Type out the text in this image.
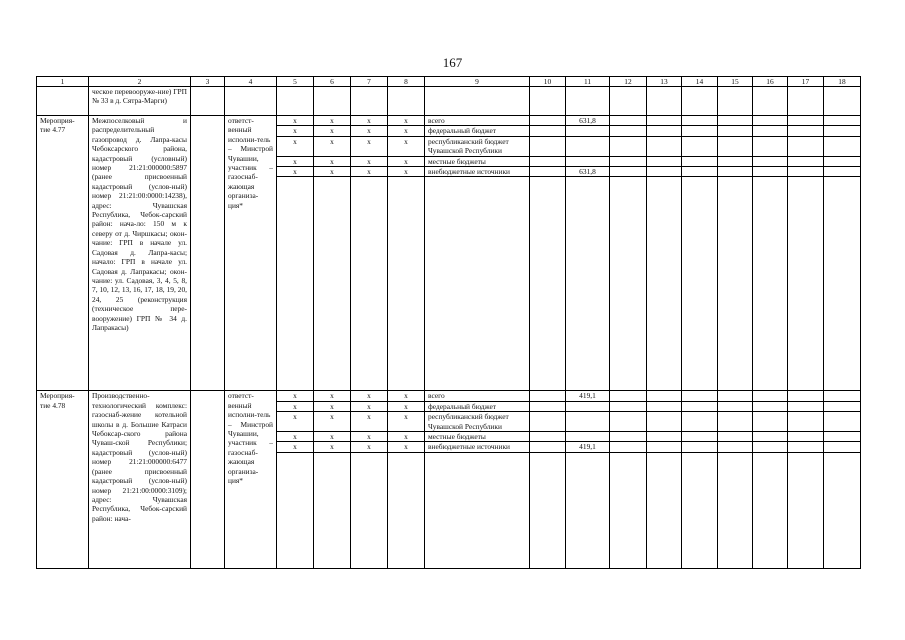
167
1	2	3	4	5	6	7	8	9	10	11	12	13	14	15	16	17	18
	ческое перевооруже-ние) ГРП № 33 в д. Сятра-Марги)																
Мероприя-тие 4.77	Межпоселковый и распределительный газопровод д. Лапра-касы Чебоксарского района, кадастровый (условный) номер 21:21:000000:5897 (ранее присвоенный кадастровый (услов-ный) номер 21:21:00:0000:14238), адрес: Чувашская Республика, Чебок-сарский район: нача-ло: 150 м к северу от д. Чиршкасы; окон-чание: ГРП в начале ул. Садовая д. Лапра-касы; начало: ГРП в начале ул. Садовая д. Лапракасы; окон-чание: ул. Садовая, 3, 4, 5, 8, 7, 10, 12, 13, 16, 17, 18, 19, 20, 24, 25 (реконструкция (техническое пере-вооружение) ГРП № 34 д. Лапракасы)		ответст-венный исполни-тель – Минстрой Чувашии, участник – газоснаб-жающая организа-ция*	х	х	х	х	всего		631,8							
				х	х	х	х	федеральный бюджет									
				х	х	х	х	республиканский бюджет Чувашской Республики									
				х	х	х	х	местные бюджеты									
				х	х	х	х	внебюджетные источники		631,8							

Мероприя-тие 4.78	Производственно-технологический комплекс: газоснаб-жение котельной школы в д. Большие Катраси Чебоксар-ского района Чуваш-ской Республики; кадастровый (услов-ный) номер 21:21:000000:6477 (ранее присвоенный кадастровый (услов-ный) номер 21:21:00:0000:3109); адрес: Чувашская Республика, Чебок-сарский район: нача-		ответст-венный исполни-тель – Минстрой Чувашии, участник – газоснаб-жающая организа-ция*	х	х	х	х	всего		419,1							
				х	х	х	х	федеральный бюджет									
				х	х	х	х	республиканский бюджет Чувашской Республики									
				х	х	х	х	местные бюджеты									
				х	х	х	х	внебюджетные источники		419,1							
